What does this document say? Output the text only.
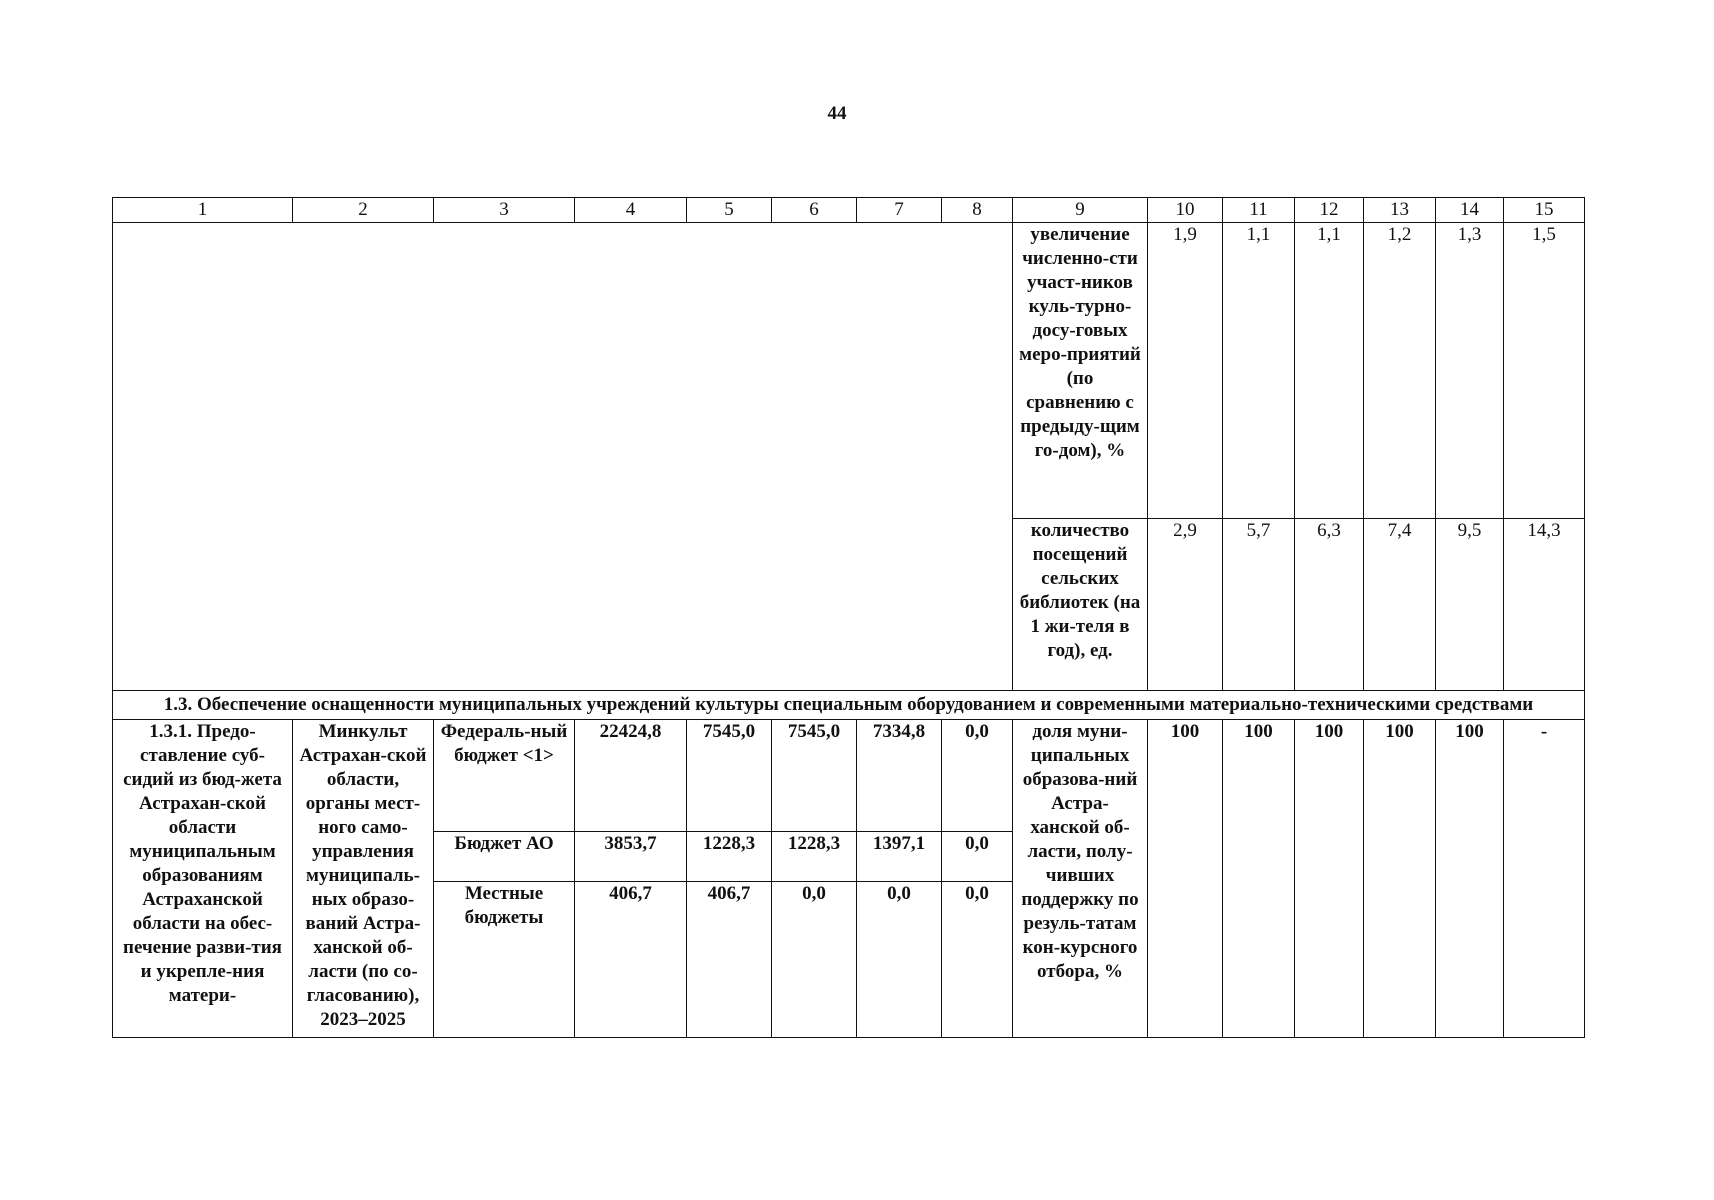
44
1	2	3	4	5	6	7	8	9	10	11	12	13	14	15
								увеличение численно-сти участ-ников куль-турно-досу-говых меро-приятий (по сравнению с предыду-щим го-дом), %	1,9	1,1	1,1	1,2	1,3	1,5
								количество посещений сельских библиотек (на 1 жи-теля в год), ед.	2,9	5,7	6,3	7,4	9,5	14,3
1.3. Обеспечение оснащенности муниципальных учреждений культуры специальным оборудованием и современными материально-техническими средствами														
1.3.1. Предо-ставление суб-сидий из бюд-жета Астрахан-ской области муниципальным образованиям Астраханской области на обес-печение разви-тия и укрепле-ния матери-	Минкульт Астрахан-ской области, органы мест-ного само-управления муниципаль-ных образо-ваний Астра-ханской об-ласти (по со-гласованию), 2023–2025	Федераль-ный бюджет <1>	22424,8	7545,0	7545,0	7334,8	0,0	доля муни-ципальных образова-ний Астра-ханской об-ласти, полу-чивших поддержку по резуль-татам кон-курсного отбора, %	100	100	100	100	100	-
		Бюджет АО	3853,7	1228,3	1228,3	1397,1	0,0							
		Местные бюджеты	406,7	406,7	0,0	0,0	0,0							
